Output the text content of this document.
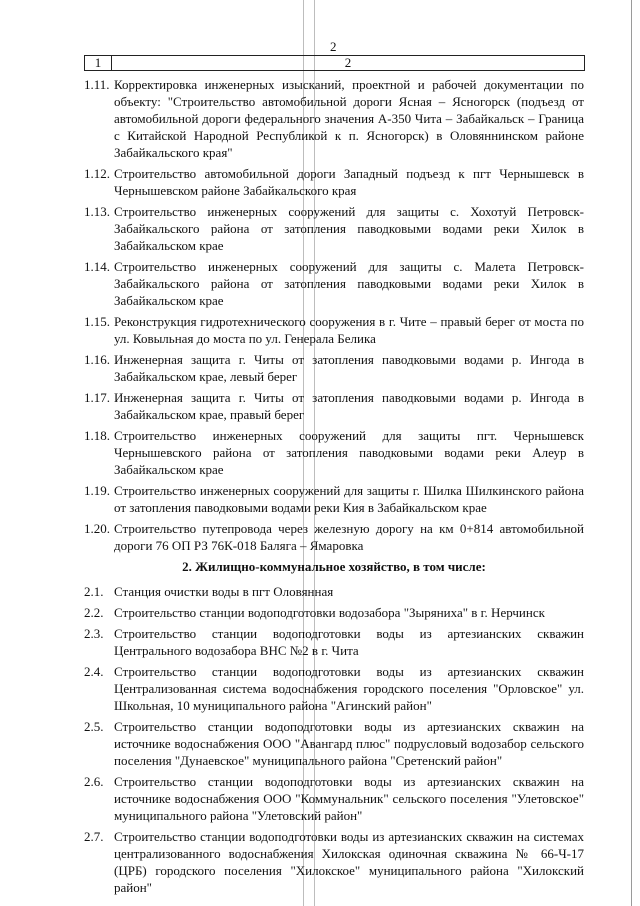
2
1	2
1.11. Корректировка инженерных изысканий, проектной и рабочей документации по объекту: "Строительство автомобильной дороги Ясная – Ясногорск (подъезд от автомобильной дороги федерального значения А-350 Чита – Забайкальск – Граница с Китайской Народной Республикой к п. Ясногорск) в Оловяннинском районе Забайкальского края"
1.12. Строительство автомобильной дороги Западный подъезд к пгт Чернышевск в Чернышевском районе Забайкальского края
1.13. Строительство инженерных сооружений для защиты с. Хохотуй Петровск-Забайкальского района от затопления паводковыми водами реки Хилок в Забайкальском крае
1.14. Строительство инженерных сооружений для защиты с. Малета Петровск-Забайкальского района от затопления паводковыми водами реки Хилок в Забайкальском крае
1.15. Реконструкция гидротехнического сооружения в г. Чите – правый берег от моста по ул. Ковыльная до моста по ул. Генерала Белика
1.16. Инженерная защита г. Читы от затопления паводковыми водами р. Ингода в Забайкальском крае, левый берег
1.17. Инженерная защита г. Читы от затопления паводковыми водами р. Ингода в Забайкальском крае, правый берег
1.18. Строительство инженерных сооружений для защиты пгт. Чернышевск Чернышевского района от затопления паводковыми водами реки Алеур в Забайкальском крае
1.19. Строительство инженерных сооружений для защиты г. Шилка Шилкинского района от затопления паводковыми водами реки Кия в Забайкальском крае
1.20. Строительство путепровода через железную дорогу на км 0+814 автомобильной дороги 76 ОП РЗ 76К-018 Балягa – Ямаровка
2. Жилищно-коммунальное хозяйство, в том числе:
2.1. Станция очистки воды в пгт Оловянная
2.2. Строительство станции водоподготовки водозабора "Зыряниха" в г. Нерчинск
2.3. Строительство станции водоподготовки воды из артезианских скважин Центрального водозабора ВНС №2 в г. Чита
2.4. Строительство станции водоподготовки воды из артезианских скважин Централизованная система водоснабжения городского поселения "Орловское" ул. Школьная, 10 муниципального района "Агинский район"
2.5. Строительство станции водоподготовки воды из артезианских скважин на источнике водоснабжения ООО "Авангард плюс" подрусловый водозабор сельского поселения "Дунаевское" муниципального района "Сретенский район"
2.6. Строительство станции водоподготовки воды из артезианских скважин на источнике водоснабжения ООО "Коммунальник" сельского поселения "Улетовское" муниципального района "Улетовский район"
2.7. Строительство станции водоподготовки воды из артезианских скважин на системах централизованного водоснабжения Хилокская одиночная скважина № 66-Ч-17 (ЦРБ) городского поселения "Хилокское" муниципального района "Хилокский район"
